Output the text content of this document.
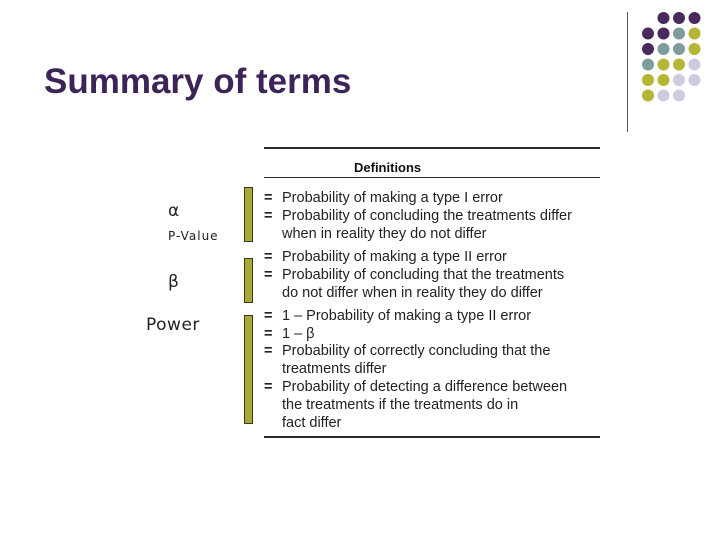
Summary of terms
α
P-Value
β
Power
Definitions
= Probability of making a type I error
= Probability of concluding the treatments differ
when in reality they do not differ
= Probability of making a type II error
= Probability of concluding that the treatments
do not differ when in reality they do differ
= 1 – Probability of making a type II error
= 1 – β
= Probability of correctly concluding that the
treatments differ
= Probability of detecting a difference between
the treatments if the treatments do in
fact differ
